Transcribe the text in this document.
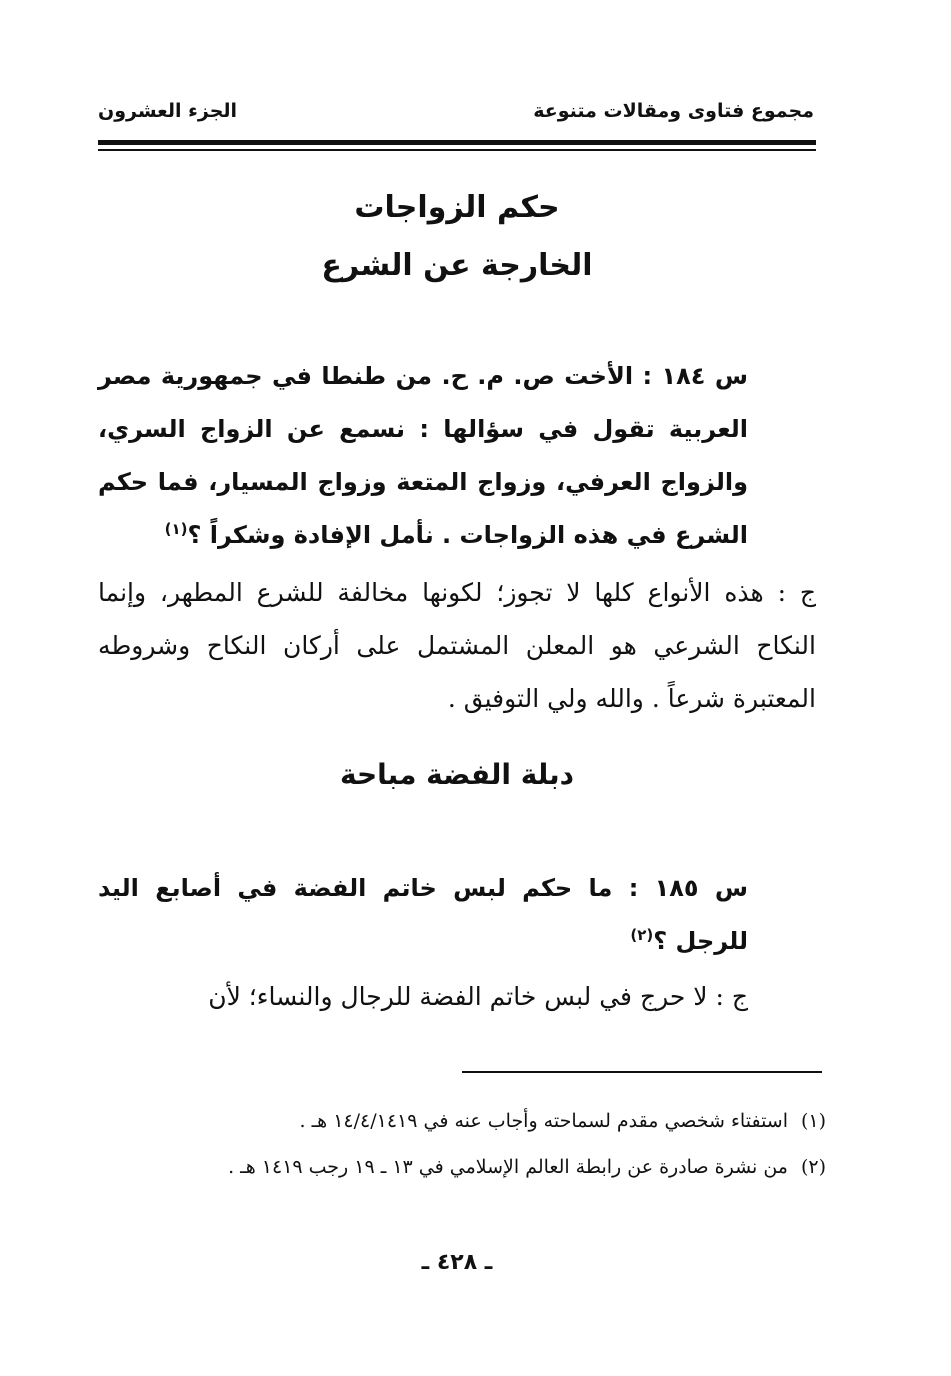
مجموع فتاوى ومقالات متنوعة
الجزء العشرون
حكم الزواجات
الخارجة عن الشرع
س ١٨٤ : الأخت ص. م. ح. من طنطا في جمهورية مصر العربية تقول في سؤالها : نسمع عن الزواج السري، والزواج العرفي، وزواج المتعة وزواج المسيار، فما حكم الشرع في هذه الزواجات . نأمل الإفادة وشكراً ؟$^{(١)}$
ج : هذه الأنواع كلها لا تجوز؛ لكونها مخالفة للشرع المطهر، وإنما النكاح الشرعي هو المعلن المشتمل على أركان النكاح وشروطه المعتبرة شرعاً . والله ولي التوفيق .
دبلة الفضة مباحة
س ١٨٥ : ما حكم لبس خاتم الفضة في أصابع اليد للرجل ؟$^{(٢)}$
ج : لا حرج في لبس خاتم الفضة للرجال والنساء؛ لأن
(١)
استفتاء شخصي مقدم لسماحته وأجاب عنه في ١٤/٤/١٤١٩ هـ .
(٢)
من نشرة صادرة عن رابطة العالم الإسلامي في ١٣ ـ ١٩ رجب ١٤١٩ هـ .
ـ ٤٢٨ ـ
